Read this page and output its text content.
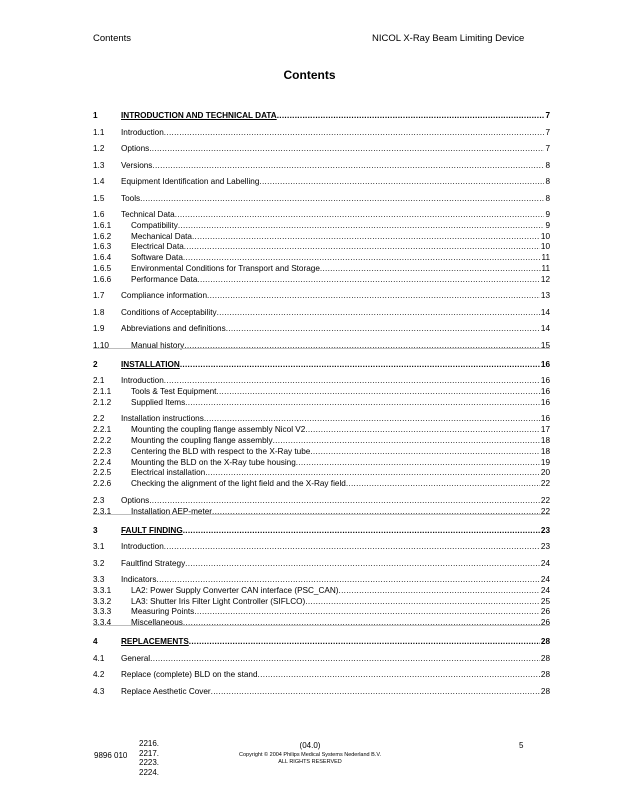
Contents	NICOL X-Ray Beam Limiting Device
Contents
1	INTRODUCTION AND TECHNICAL DATA .....	7
1.1	Introduction .....	7
1.2	Options .....	7
1.3	Versions .....	8
1.4	Equipment Identification and Labelling .....	8
1.5	Tools .....	8
1.6	Technical Data .....	9
1.6.1	Compatibility .....	9
1.6.2	Mechanical Data .....	10
1.6.3	Electrical Data .....	10
1.6.4	Software Data .....	11
1.6.5	Environmental Conditions for Transport and Storage .....	11
1.6.6	Performance Data .....	12
1.7	Compliance information .....	13
1.8	Conditions of Acceptability .....	14
1.9	Abbreviations and definitions .....	14
1.10	Manual history .....	15
2	INSTALLATION .....	16
2.1	Introduction .....	16
2.1.1	Tools & Test Equipment .....	16
2.1.2	Supplied Items .....	16
2.2	Installation instructions .....	16
2.2.1	Mounting the coupling flange assembly Nicol V2 .....	17
2.2.2	Mounting the coupling flange assembly .....	18
2.2.3	Centering the BLD with respect to the X-Ray tube .....	18
2.2.4	Mounting the BLD on the X-Ray tube housing .....	19
2.2.5	Electrical installation .....	20
2.2.6	Checking the alignment of the light field and the X-Ray field .....	22
2.3	Options .....	22
2.3.1	Installation AEP-meter .....	22
3	FAULT FINDING .....	23
3.1	Introduction .....	23
3.2	Faultfind Strategy .....	24
3.3	Indicators .....	24
3.3.1	LA2: Power Supply Converter CAN interface (PSC_CAN) .....	24
3.3.2	LA3: Shutter Iris Filter Light Controller (SIFLCO) .....	25
3.3.3	Measuring Points .....	26
3.3.4	Miscellaneous .....	26
4	REPLACEMENTS .....	28
4.1	General .....	28
4.2	Replace (complete) BLD on the stand .....	28
4.3	Replace Aesthetic Cover .....	28
9896 010
2216.
2217.
2223.
2224.
(04.0)
Copyright © 2004 Philips Medical Systems Nederland B.V.
ALL RIGHTS RESERVED
5
